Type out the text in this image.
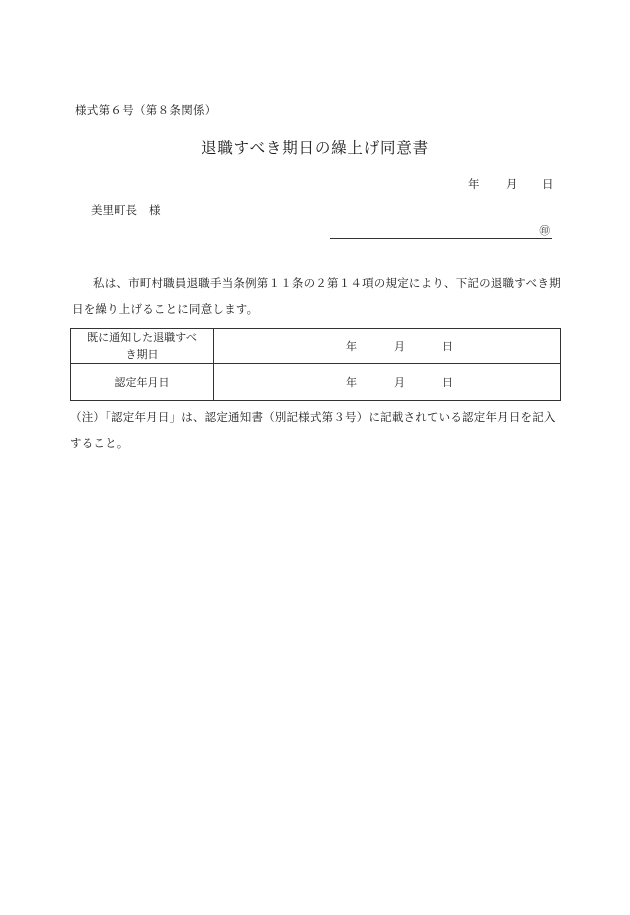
様式第６号（第８条関係）
退職すべき期日の繰上げ同意書
年	月	日
美里町長	様
㊞
私は、市町村職員退職手当条例第１１条の２第１４項の規定により、下記の退職すべき期日を繰り上げることに同意します。
既に通知した退職すべき期日	年 月 日

認定年月日	年 月 日
（注）「認定年月日」は、認定通知書（別記様式第３号）に記載されている認定年月日を記入すること。
